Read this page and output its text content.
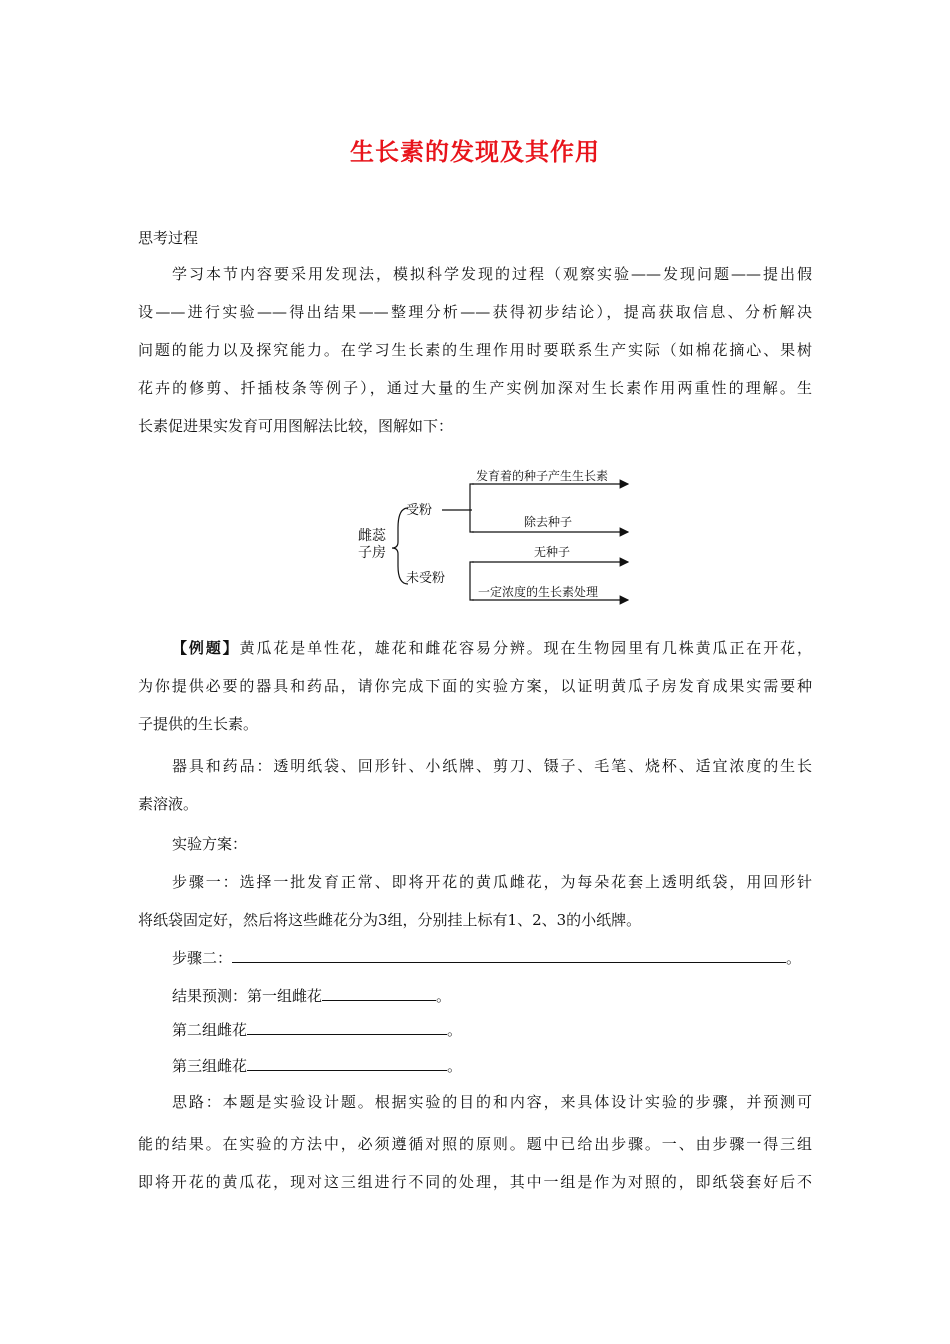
生长素的发现及其作用
思考过程
学习本节内容要采用发现法，模拟科学发现的过程（观察实验——发现问题——提出假
设——进行实验——得出结果——整理分析——获得初步结论），提高获取信息、分析解决
问题的能力以及探究能力。在学习生长素的生理作用时要联系生产实际（如棉花摘心、果树
花卉的修剪、扦插枝条等例子），通过大量的生产实例加深对生长素作用两重性的理解。生
长素促进果实发育可用图解法比较，图解如下：
雌蕊
子房
受粉
未受粉
发育着的种子产生生长素
除去种子
无种子
一定浓度的生长素处理
【例题】黄瓜花是单性花，雄花和雌花容易分辨。现在生物园里有几株黄瓜正在开花，
为你提供必要的器具和药品，请你完成下面的实验方案，以证明黄瓜子房发育成果实需要种
子提供的生长素。
器具和药品：透明纸袋、回形针、小纸牌、剪刀、镊子、毛笔、烧杯、适宜浓度的生长
素溶液。
实验方案：
步骤一：选择一批发育正常、即将开花的黄瓜雌花，为每朵花套上透明纸袋，用回形针
将纸袋固定好，然后将这些雌花分为3组，分别挂上标有1、2、3的小纸牌。
步骤二：	。
结果预测：第一组雌花	。
第二组雌花	。
第三组雌花	。
思路：本题是实验设计题。根据实验的目的和内容，来具体设计实验的步骤，并预测可
能的结果。在实验的方法中，必须遵循对照的原则。题中已给出步骤。一、由步骤一得三组
即将开花的黄瓜花，现对这三组进行不同的处理，其中一组是作为对照的，即纸袋套好后不
